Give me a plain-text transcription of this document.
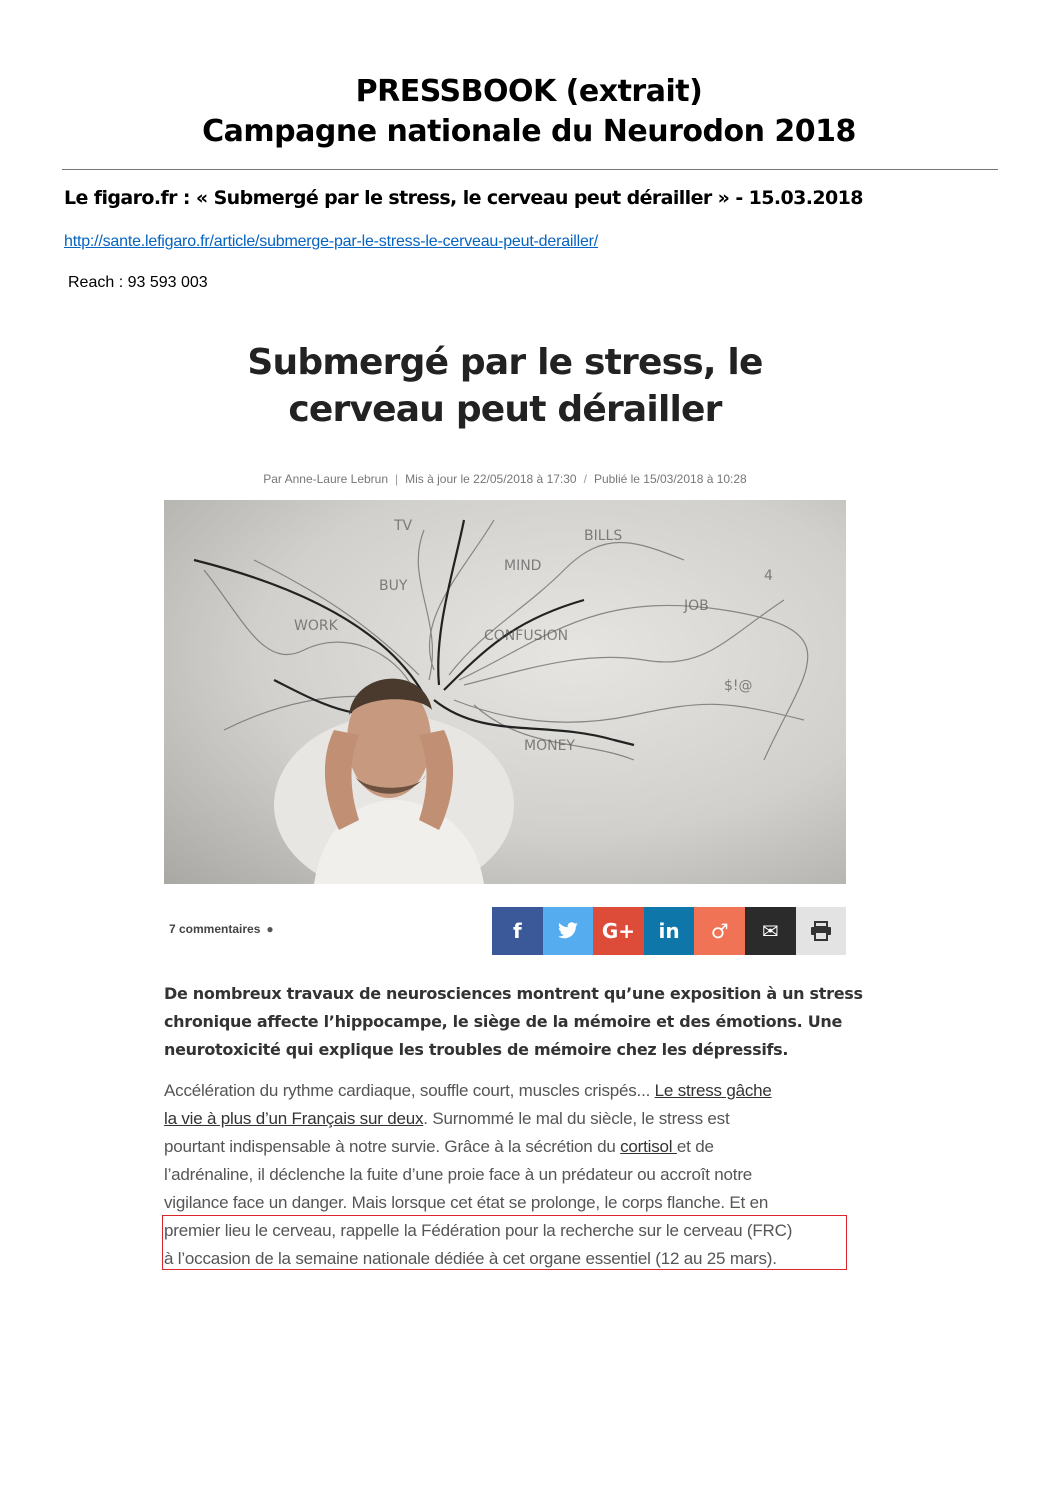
PRESSBOOK (extrait)
Campagne nationale du Neurodon 2018
Le figaro.fr : « Submergé par le stress, le cerveau peut dérailler » - 15.03.2018
http://sante.lefigaro.fr/article/submerge-par-le-stress-le-cerveau-peut-derailler/
Reach : 93 593 003
Submergé par le stress, le
cerveau peut dérailler
Par Anne-Laure Lebrun | Mis à jour le 22/05/2018 à 17:30 / Publié le 15/03/2018 à 10:28
BUY
CONFUSION
BILLS
WORK
JOB
MONEY
$!@
4
TV
MIND
7 commentaires ●	f	G+ in ♂ ✉
De nombreux travaux de neurosciences montrent qu’une exposition à un stress
chronique affecte l’hippocampe, le siège de la mémoire et des émotions. Une
neurotoxicité qui explique les troubles de mémoire chez les dépressifs.
Accélération du rythme cardiaque, souffle court, muscles crispés... Le stress gâche
la vie à plus d’un Français sur deux. Surnommé le mal du siècle, le stress est
pourtant indispensable à notre survie. Grâce à la sécrétion du cortisol et de
l’adrénaline, il déclenche la fuite d’une proie face à un prédateur ou accroît notre
vigilance face un danger. Mais lorsque cet état se prolonge, le corps flanche. Et en
premier lieu le cerveau, rappelle la Fédération pour la recherche sur le cerveau (FRC)
à l’occasion de la semaine nationale dédiée à cet organe essentiel (12 au 25 mars).
